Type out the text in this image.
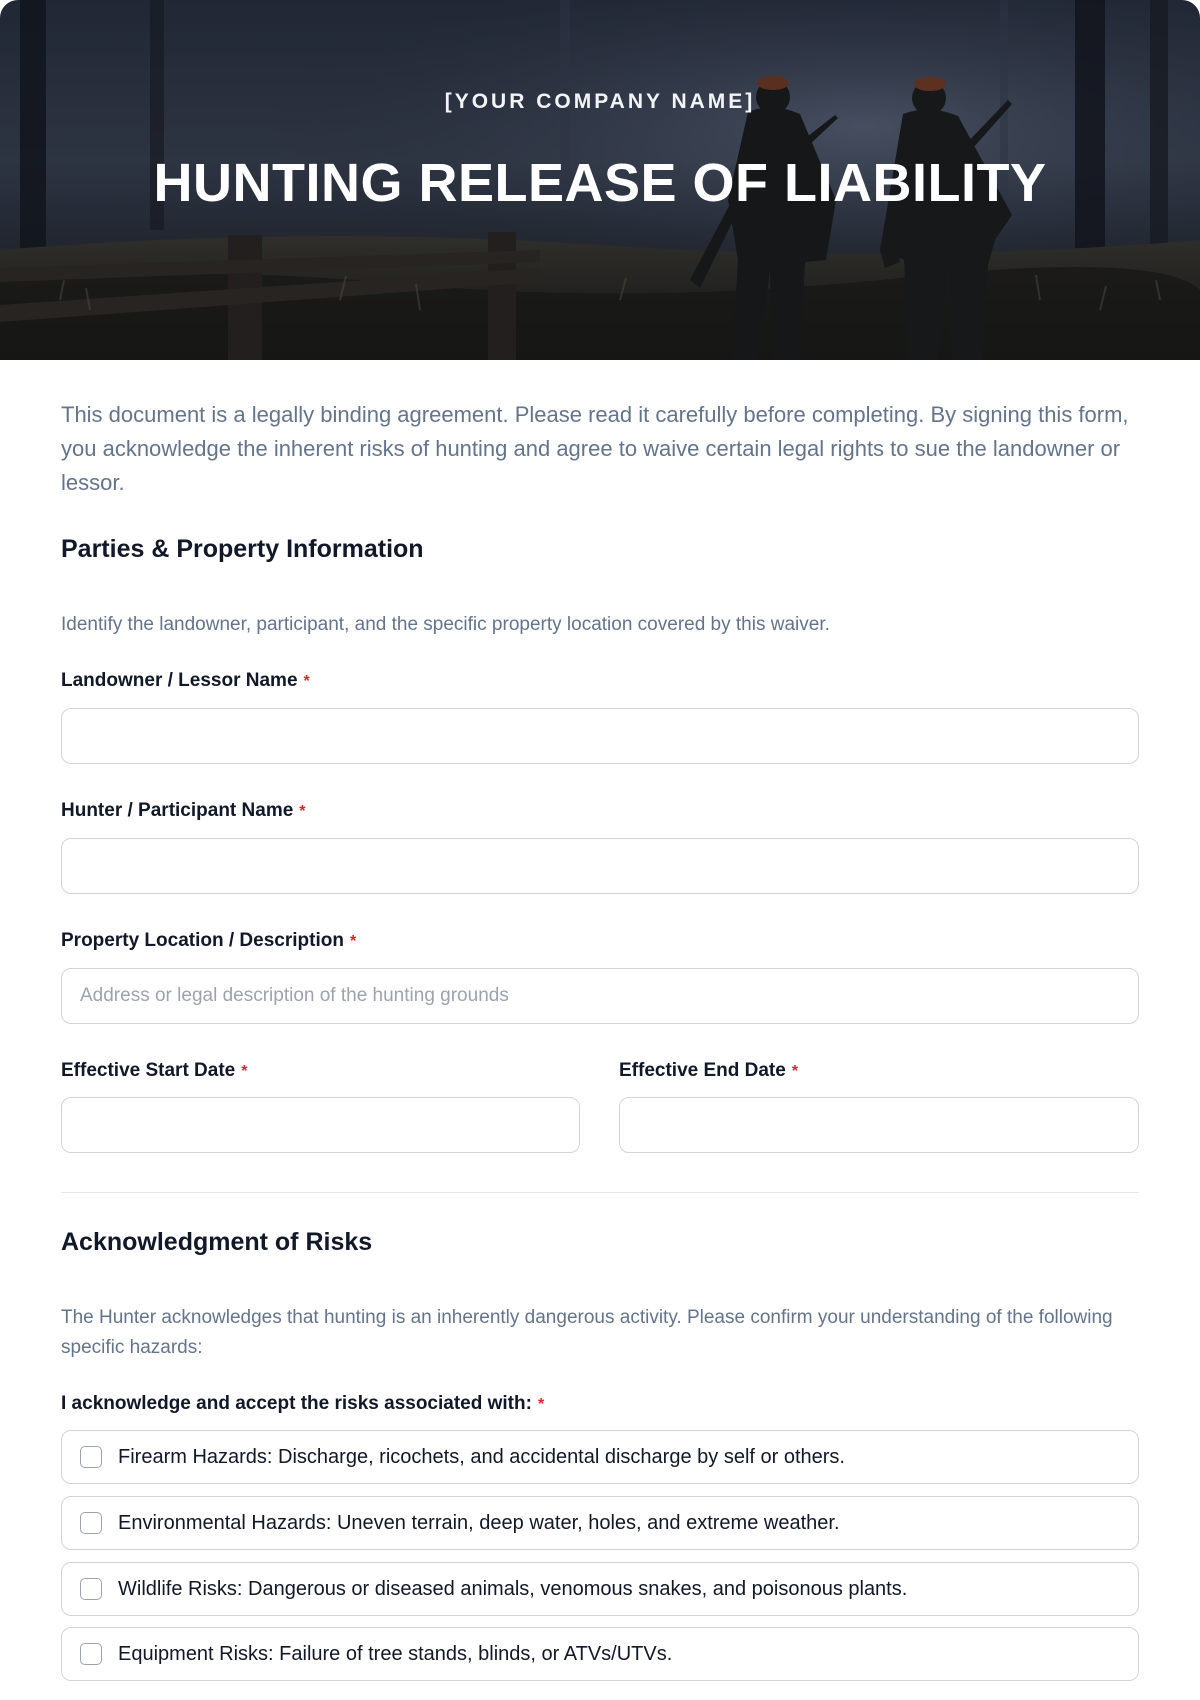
[YOUR COMPANY NAME]
HUNTING RELEASE OF LIABILITY

This document is a legally binding agreement. Please read it carefully before completing. By signing this form, you acknowledge the inherent risks of hunting and agree to waive certain legal rights to sue the landowner or lessor.

Parties & Property Information

Identify the landowner, participant, and the specific property location covered by this waiver.

Landowner / Lessor Name *
Hunter / Participant Name *
Property Location / Description *
Address or legal description of the hunting grounds
Effective Start Date *	Effective End Date *
Acknowledgment of Risks

The Hunter acknowledges that hunting is an inherently dangerous activity. Please confirm your understanding of the following specific hazards:

I acknowledge and accept the risks associated with: *
Firearm Hazards: Discharge, ricochets, and accidental discharge by self or others.
Environmental Hazards: Uneven terrain, deep water, holes, and extreme weather.
Wildlife Risks: Dangerous or diseased animals, venomous snakes, and poisonous plants.
Equipment Risks: Failure of tree stands, blinds, or ATVs/UTVs.
